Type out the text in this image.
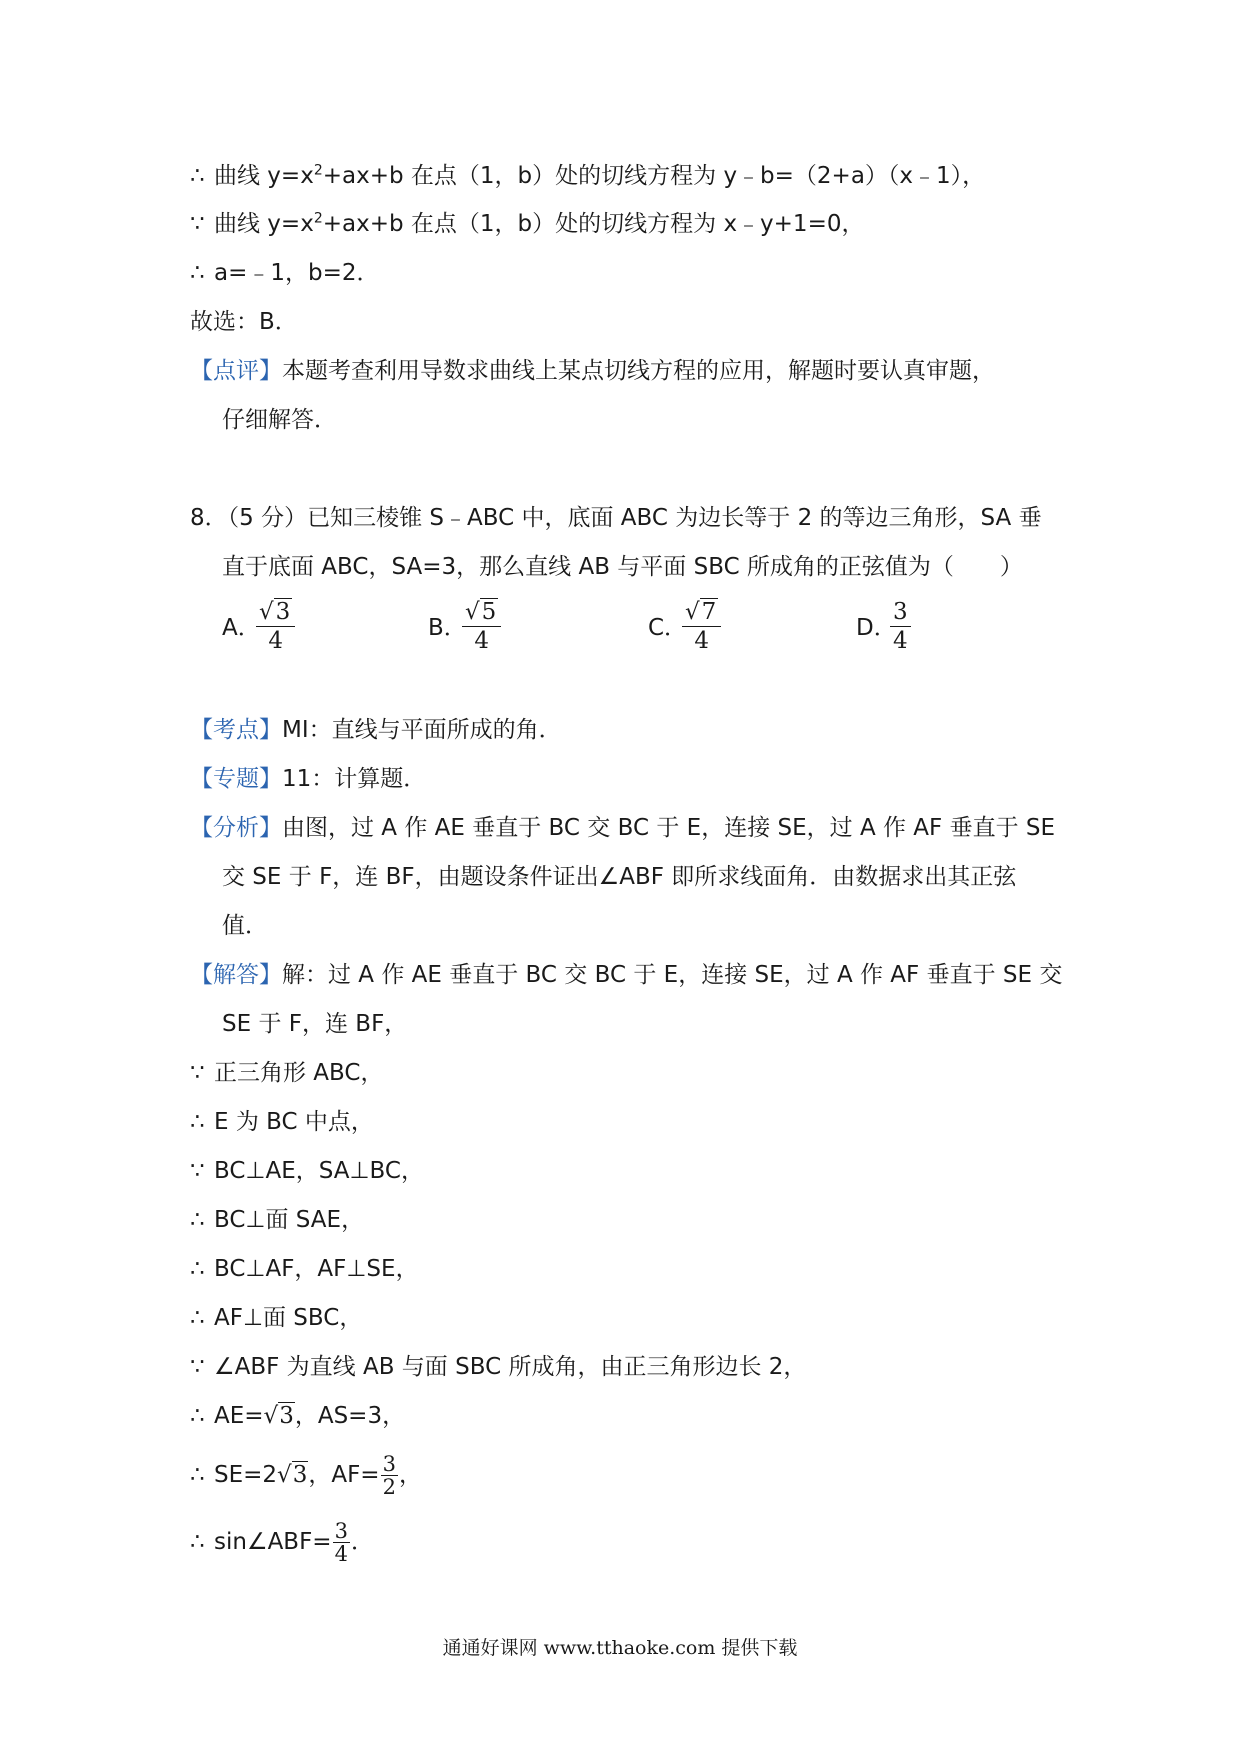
∴ 曲线 $y=x^2+ax+b$ 在点（1，b）处的切线方程为 y﹣b=（2+a）（x﹣1），
∵ 曲线 $y=x^2+ax+b$ 在点（1，b）处的切线方程为 x﹣y+1=0，
∴ a=﹣1，b=2．
故选：B．
【点评】本题考查利用导数求曲线上某点切线方程的应用，解题时要认真审题，
仔细解答．
8．（5 分）已知三棱锥 S﹣ABC 中，底面 ABC 为边长等于 2 的等边三角形，SA 垂
直于底面 ABC，SA=3，那么直线 AB 与平面 SBC 所成角的正弦值为（　　）
A．
$\frac{√3}{4}$	B．
$\frac{√5}{4}$	C．
$\frac{√7}{4}$	D．
$\frac{3}{4}$
【考点】MI：直线与平面所成的角．
【专题】11：计算题．
【分析】由图，过 A 作 AE 垂直于 BC 交 BC 于 E，连接 SE，过 A 作 AF 垂直于 SE
交 SE 于 F，连 BF，由题设条件证出∠ABF 即所求线面角．由数据求出其正弦
值．
【解答】解：过 A 作 AE 垂直于 BC 交 BC 于 E，连接 SE，过 A 作 AF 垂直于 SE 交
SE 于 F，连 BF，
∵ 正三角形 ABC，
∴ E 为 BC 中点，
∵ BC⊥AE，SA⊥BC，
∴ BC⊥面 SAE，
∴ BC⊥AF，AF⊥SE，
∴ AF⊥面 SBC，
∵ ∠ABF 为直线 AB 与面 SBC 所成角，由正三角形边长 2，
∴ AE=√3，AS=3，
∴ SE=2√3，$AF= \frac{3}{2}$ ，
∴ sin∠ABF= $\frac{3}{4}$ ．
通通好课网 www.tthaoke.com 提供下载
